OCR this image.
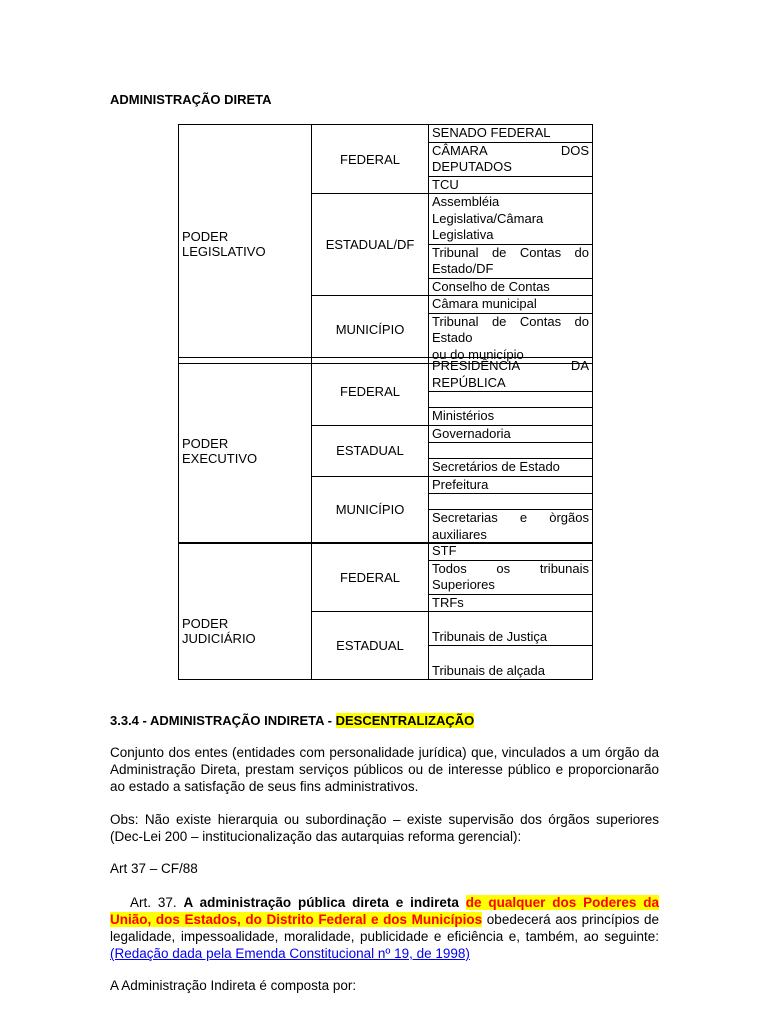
ADMINISTRAÇÃO DIRETA
PODER LEGISLATIVO	FEDERAL	SENADO FEDERAL

		CÂMARA DOS
DEPUTADOS

		TCU
	ESTADUAL/DF	Assembléia Legislativa/Câmara Legislativa
		Tribunal de Contas do Estado/DF
		Conselho de Contas
	MUNICÍPIO	Câmara municipal

		Tribunal de Contas do Estado
ou do município
PODER EXECUTIVO	FEDERAL	PRESIDÊNCIA DA
REPÚBLICA

		Ministérios
	ESTADUAL	Governadoria

		Secretários de Estado
	MUNICÍPIO	Prefeitura

		Secretarias e òrgãos auxiliares
PODER JUDICIÁRIO	FEDERAL	STF
		Todos os tribunais Superiores
		TRFs
	ESTADUAL	Tribunais de Justiça
		Tribunais de alçada
3.3.4 - ADMINISTRAÇÃO INDIRETA - DESCENTRALIZAÇÃO
Conjunto dos entes (entidades com personalidade jurídica) que, vinculados a um órgão da Administração Direta, prestam serviços públicos ou de interesse público e proporcionarão ao estado a satisfação de seus fins administrativos.
Obs: Não existe hierarquia ou subordinação – existe supervisão dos órgãos superiores (Dec-Lei 200 – institucionalização das autarquias reforma gerencial):
Art 37 – CF/88
Art. 37. A administração pública direta e indireta de qualquer dos Poderes da União, dos Estados, do Distrito Federal e dos Municípios obedecerá aos princípios de legalidade, impessoalidade, moralidade, publicidade e eficiência e, também, ao seguinte: (Redação dada pela Emenda Constitucional nº 19, de 1998)
A Administração Indireta é composta por:
